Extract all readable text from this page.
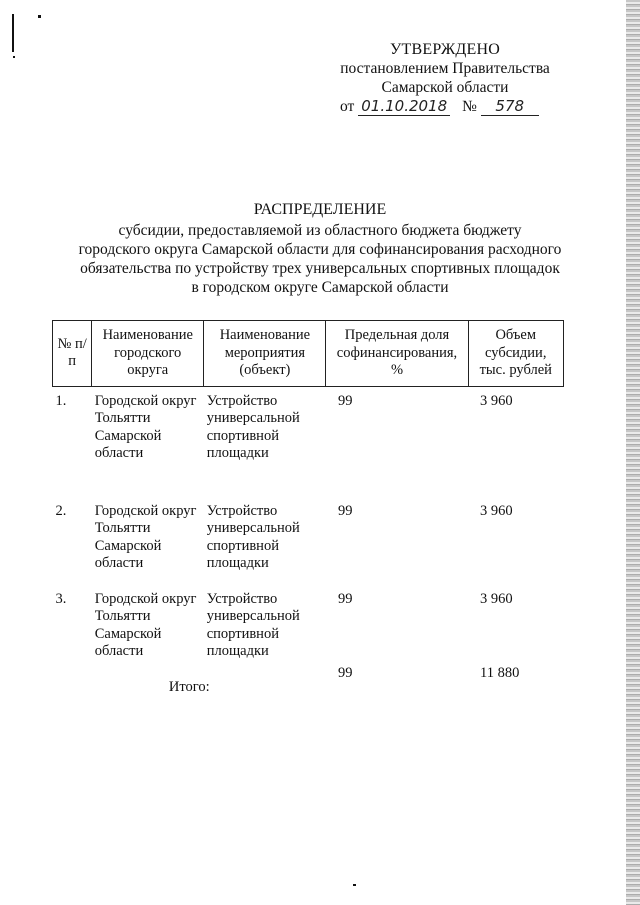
УТВЕРЖДЕНО
постановлением Правительства
Самарской области
от 01.10.2018 № 578
РАСПРЕДЕЛЕНИЕ
субсидии, предоставляемой из областного бюджета бюджету
городского округа Самарской области для софинансирования расходного
обязательства по устройству трех универсальных спортивных площадок
в городском округе Самарской области
№ п/п	Наименование городского округа	Наименование мероприятия (объект)	Предельная доля софинансирования, %	Объем субсидии, тыс. рублей
1.	Городской округ Тольятти Самарской области	Устройство универсальной спортивной площадки	99	3 960
2.	Городской округ Тольятти Самарской области	Устройство универсальной спортивной площадки	99	3 960
3.	Городской округ Тольятти Самарской области	Устройство универсальной спортивной площадки	99	3 960

Итого:			99	11 880
